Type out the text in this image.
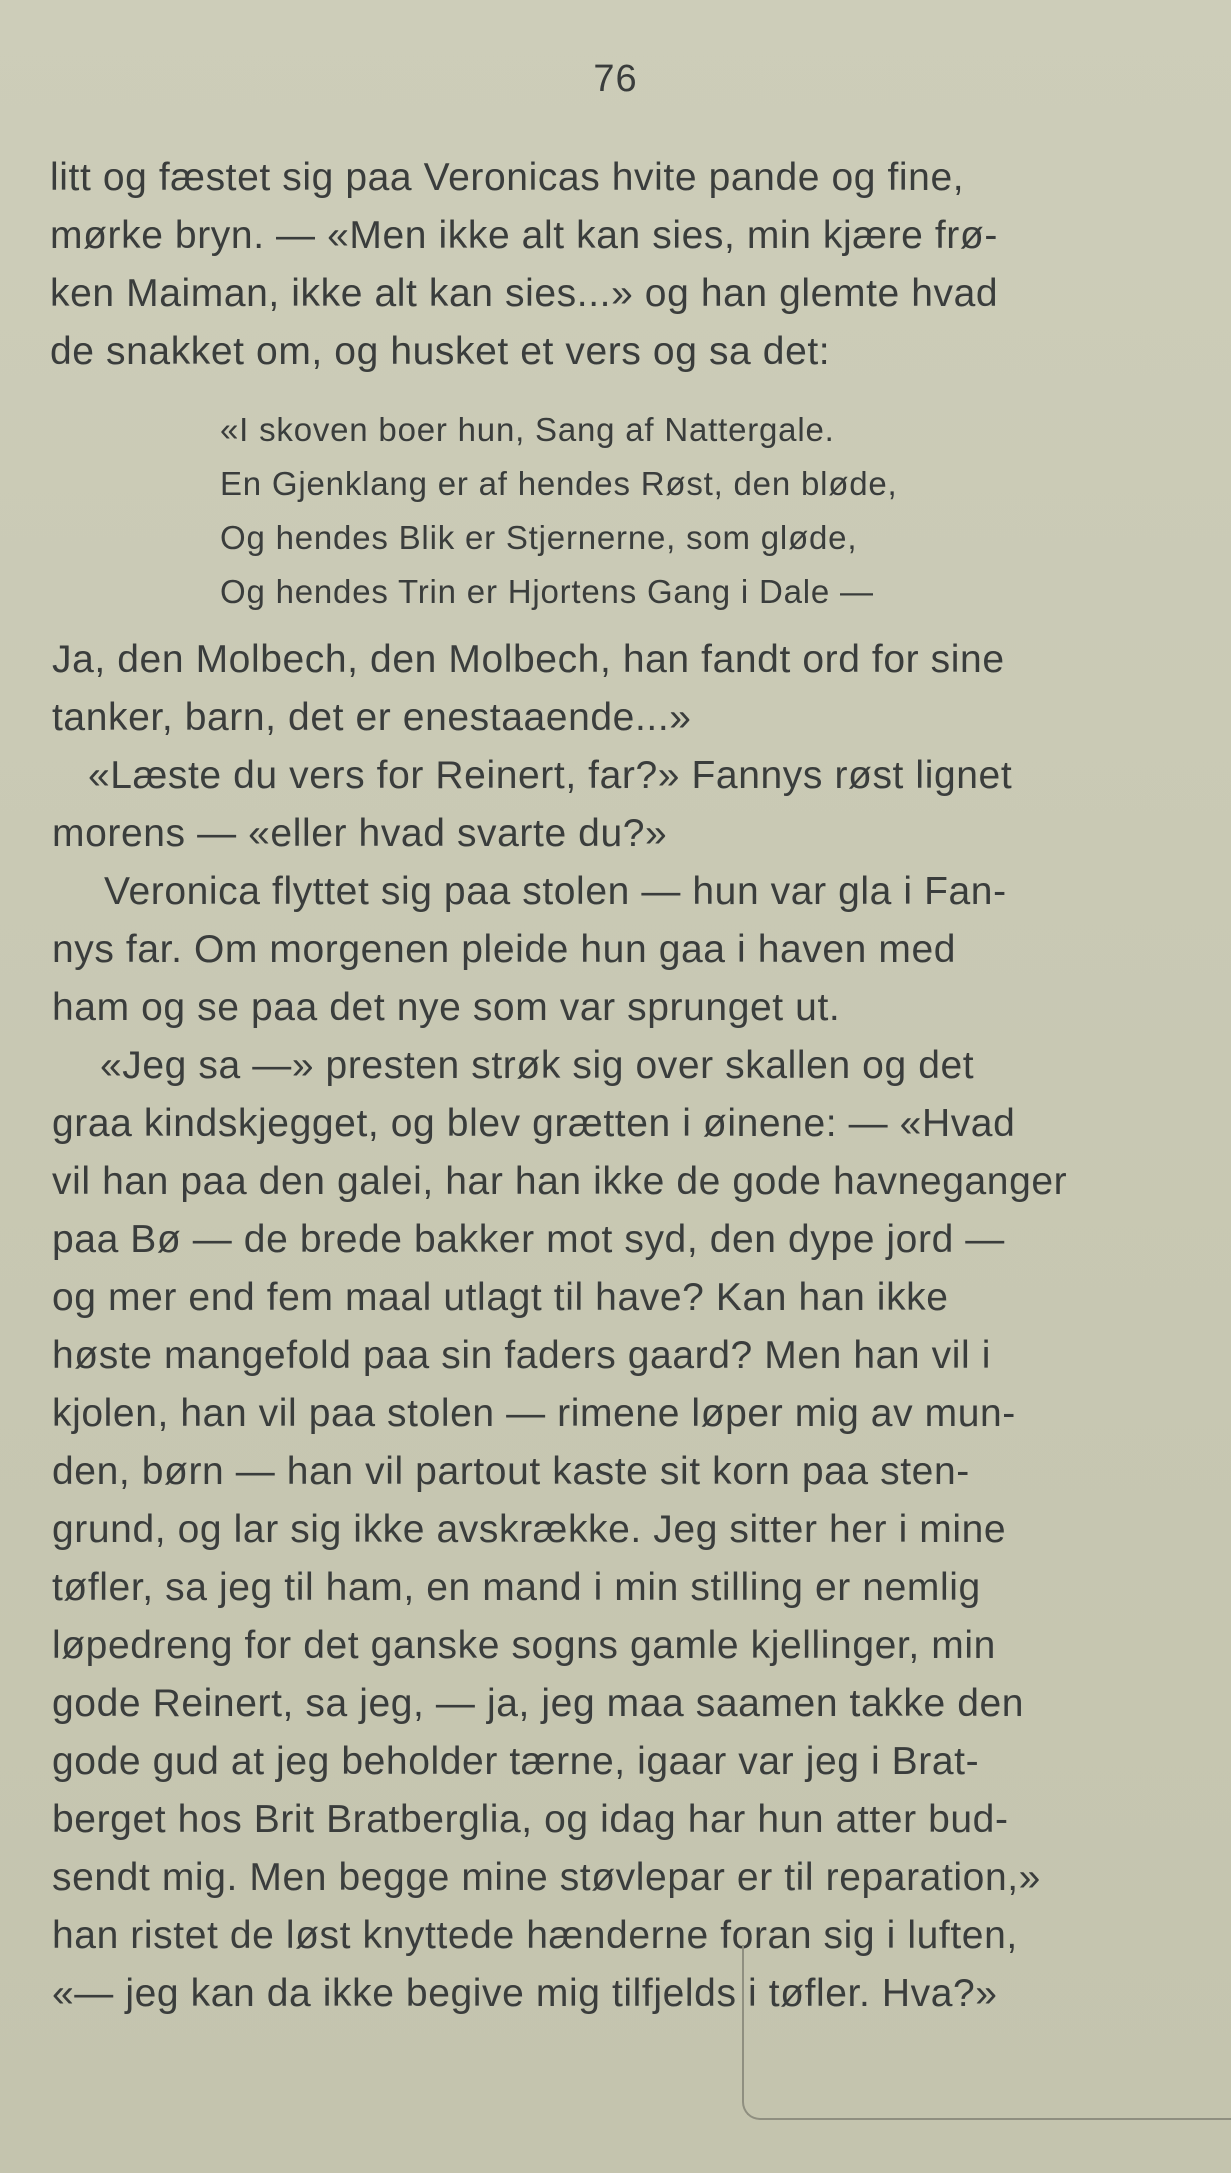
76
litt og fæstet sig paa Veronicas hvite pande og fine,
mørke bryn. — «Men ikke alt kan sies, min kjære frø-
ken Maiman, ikke alt kan sies...» og han glemte hvad
de snakket om, og husket et vers og sa det:
«I skoven boer hun, Sang af Nattergale.
En Gjenklang er af hendes Røst, den bløde,
Og hendes Blik er Stjernerne, som gløde,
Og hendes Trin er Hjortens Gang i Dale —
Ja, den Molbech, den Molbech, han fandt ord for sine
tanker, barn, det er enestaaende...»
«Læste du vers for Reinert, far?» Fannys røst lignet
morens — «eller hvad svarte du?»
Veronica flyttet sig paa stolen — hun var gla i Fan-
nys far. Om morgenen pleide hun gaa i haven med
ham og se paa det nye som var sprunget ut.
«Jeg sa —» presten strøk sig over skallen og det
graa kindskjegget, og blev grætten i øinene: — «Hvad
vil han paa den galei, har han ikke de gode havneganger
paa Bø — de brede bakker mot syd, den dype jord —
og mer end fem maal utlagt til have? Kan han ikke
høste mangefold paa sin faders gaard? Men han vil i
kjolen, han vil paa stolen — rimene løper mig av mun-
den, børn — han vil partout kaste sit korn paa sten-
grund, og lar sig ikke avskrække. Jeg sitter her i mine
tøfler, sa jeg til ham, en mand i min stilling er nemlig
løpedreng for det ganske sogns gamle kjellinger, min
gode Reinert, sa jeg, — ja, jeg maa saamen takke den
gode gud at jeg beholder tærne, igaar var jeg i Brat-
berget hos Brit Bratberglia, og idag har hun atter bud-
sendt mig. Men begge mine støvlepar er til reparation,»
han ristet de løst knyttede hænderne foran sig i luften,
«— jeg kan da ikke begive mig tilfjelds i tøfler. Hva?»
